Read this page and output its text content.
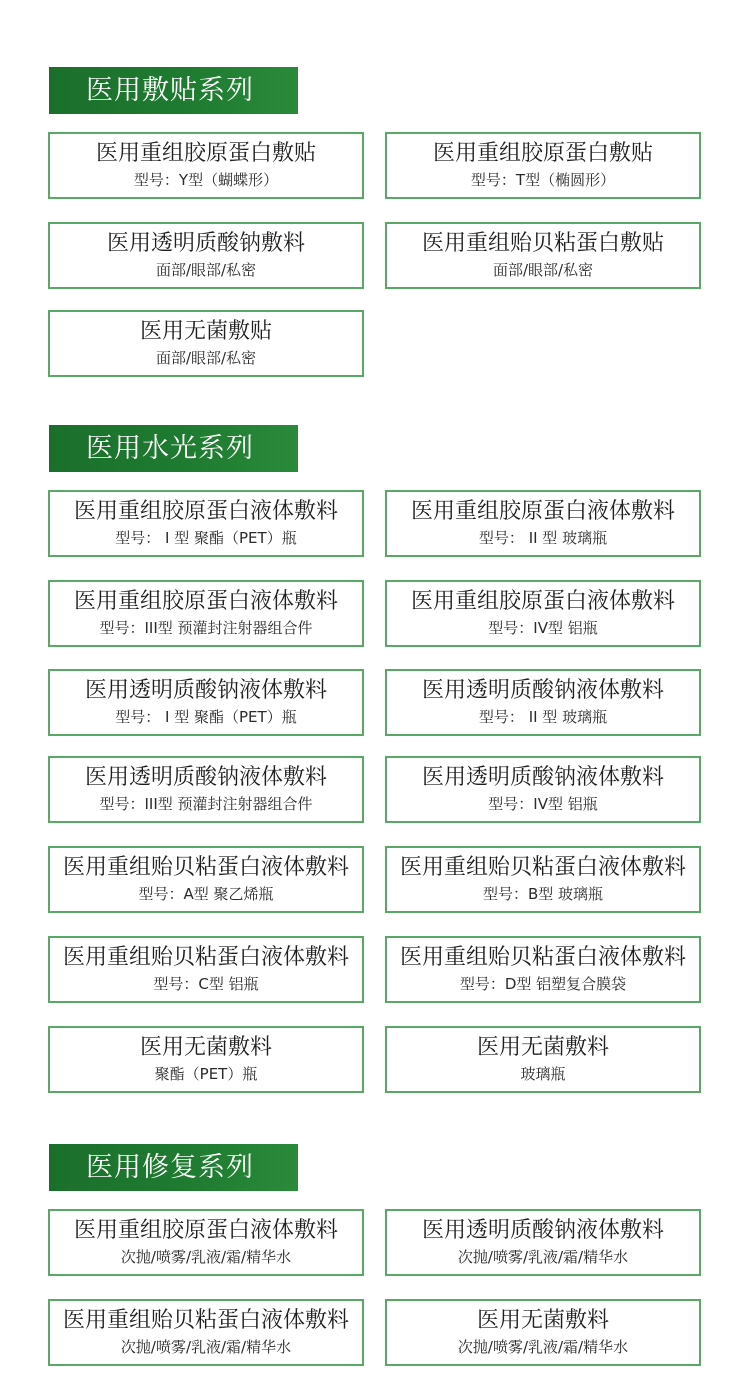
医用敷贴系列
医用重组胶原蛋白敷贴
型号：Y型（蝴蝶形）
医用重组胶原蛋白敷贴
型号：T型（椭圆形）
医用透明质酸钠敷料
面部/眼部/私密
医用重组贻贝粘蛋白敷贴
面部/眼部/私密
医用无菌敷贴
面部/眼部/私密
医用水光系列
医用重组胶原蛋白液体敷料
型号： I 型 聚酯（PET）瓶
医用重组胶原蛋白液体敷料
型号： II 型 玻璃瓶
医用重组胶原蛋白液体敷料
型号：III型 预灌封注射器组合件
医用重组胶原蛋白液体敷料
型号：IV型 铝瓶
医用透明质酸钠液体敷料
型号： I 型 聚酯（PET）瓶
医用透明质酸钠液体敷料
型号： II 型 玻璃瓶
医用透明质酸钠液体敷料
型号：III型 预灌封注射器组合件
医用透明质酸钠液体敷料
型号：IV型 铝瓶
医用重组贻贝粘蛋白液体敷料
型号：A型 聚乙烯瓶
医用重组贻贝粘蛋白液体敷料
型号：B型 玻璃瓶
医用重组贻贝粘蛋白液体敷料
型号：C型 铝瓶
医用重组贻贝粘蛋白液体敷料
型号：D型 铝塑复合膜袋
医用无菌敷料
聚酯（PET）瓶
医用无菌敷料
玻璃瓶
医用修复系列
医用重组胶原蛋白液体敷料
次抛/喷雾/乳液/霜/精华水
医用透明质酸钠液体敷料
次抛/喷雾/乳液/霜/精华水
医用重组贻贝粘蛋白液体敷料
次抛/喷雾/乳液/霜/精华水
医用无菌敷料
次抛/喷雾/乳液/霜/精华水
